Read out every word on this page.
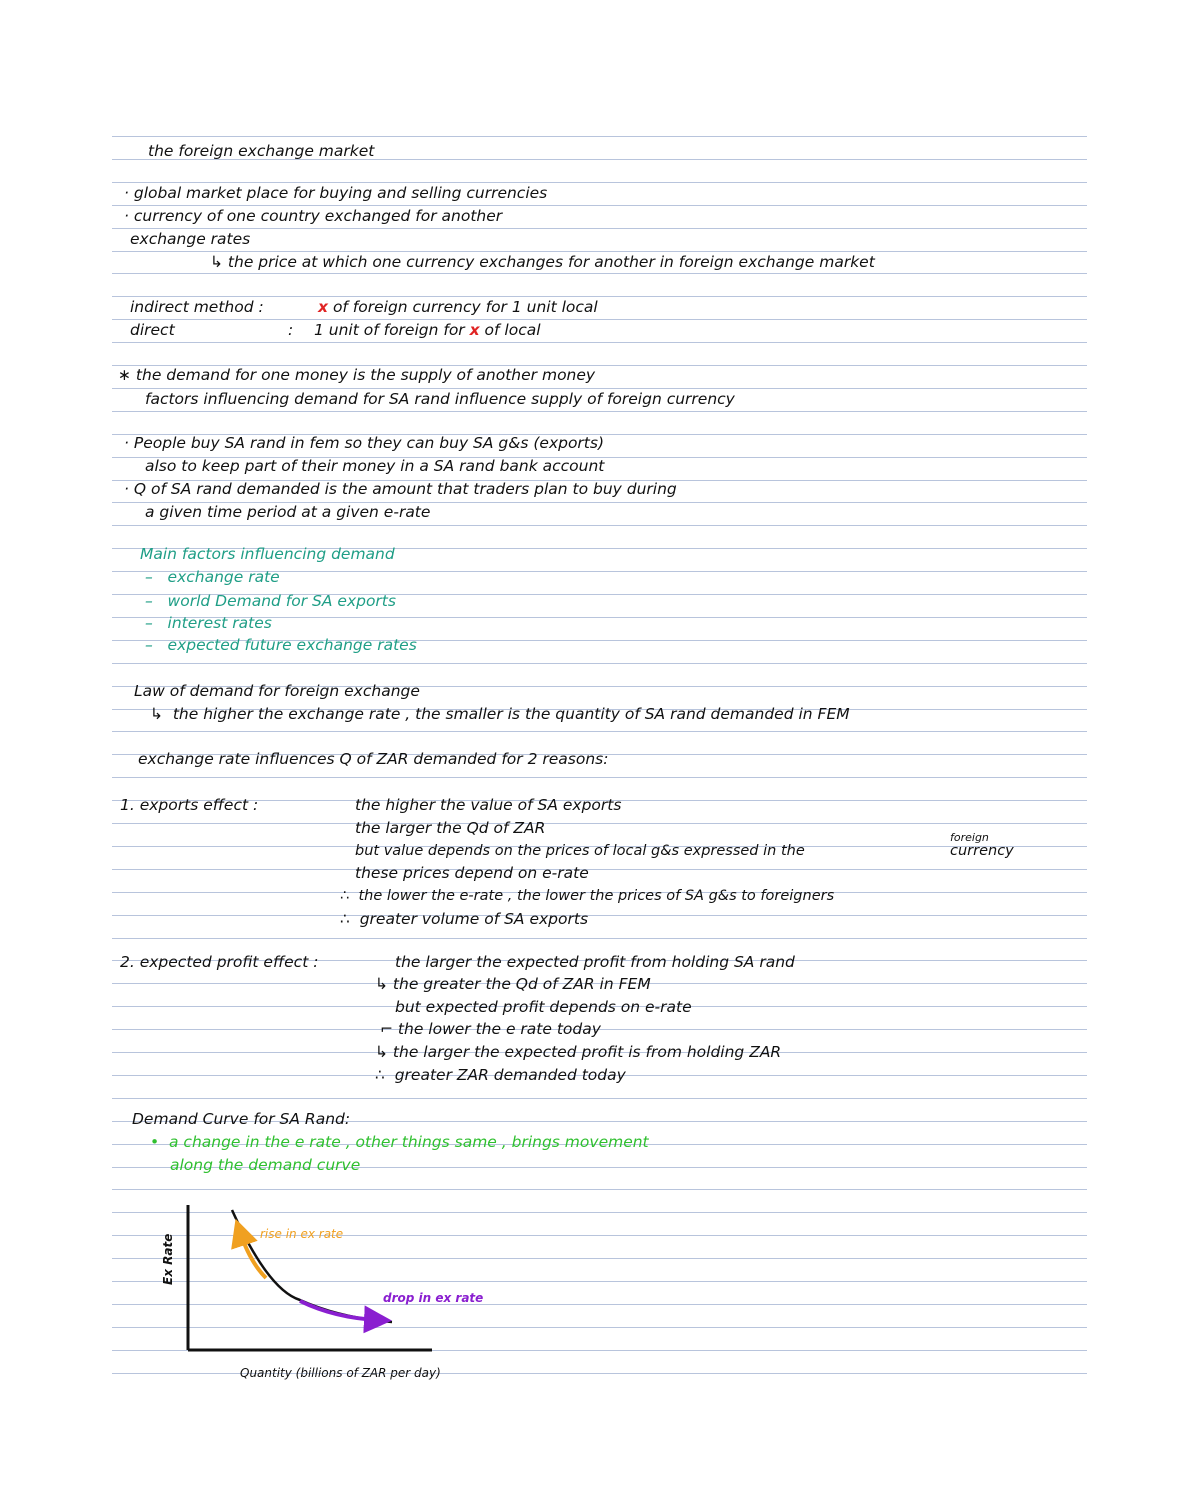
the foreign exchange market
· global market place for buying and selling currencies
· currency of one country exchanged for another
exchange rates
↳ the price at which one currency exchanges for another in foreign exchange market
indirect method :	x of foreign currency for 1 unit local
direct	: 1 unit of foreign for x of local
∗ the demand for one money is the supply of another money
factors influencing demand for SA rand influence supply of foreign currency
· People buy SA rand in fem so they can buy SA g&s (exports)
also to keep part of their money in a SA rand bank account
· Q of SA rand demanded is the amount that traders plan to buy during
a given time period at a given e-rate
Main factors influencing demand
–   exchange rate
–   world Demand for SA exports
–   interest rates
–   expected future exchange rates
Law of demand for foreign exchange
↳  the higher the exchange rate , the smaller is the quantity of SA rand demanded in FEM
exchange rate influences Q of ZAR demanded for 2 reasons:
1. exports effect :	the higher the value of SA exports
the larger the Qd of ZAR
but value depends on the prices of local g&s expressed in the
foreign
currency
these prices depend on e-rate
∴  the lower the e-rate , the lower the prices of SA g&s to foreigners
∴  greater volume of SA exports
2. expected profit effect :	the larger the expected profit from holding SA rand
↳ the greater the Qd of ZAR in FEM
but expected profit depends on e-rate
⌐ the lower the e rate today
↳ the larger the expected profit is from holding ZAR
∴  greater ZAR demanded today
Demand Curve for SA Rand:
•  a change in the e rate , other things same , brings movement
along the demand curve
rise in ex rate
drop in ex rate
Ex Rate
Quantity (billions of ZAR per day)
